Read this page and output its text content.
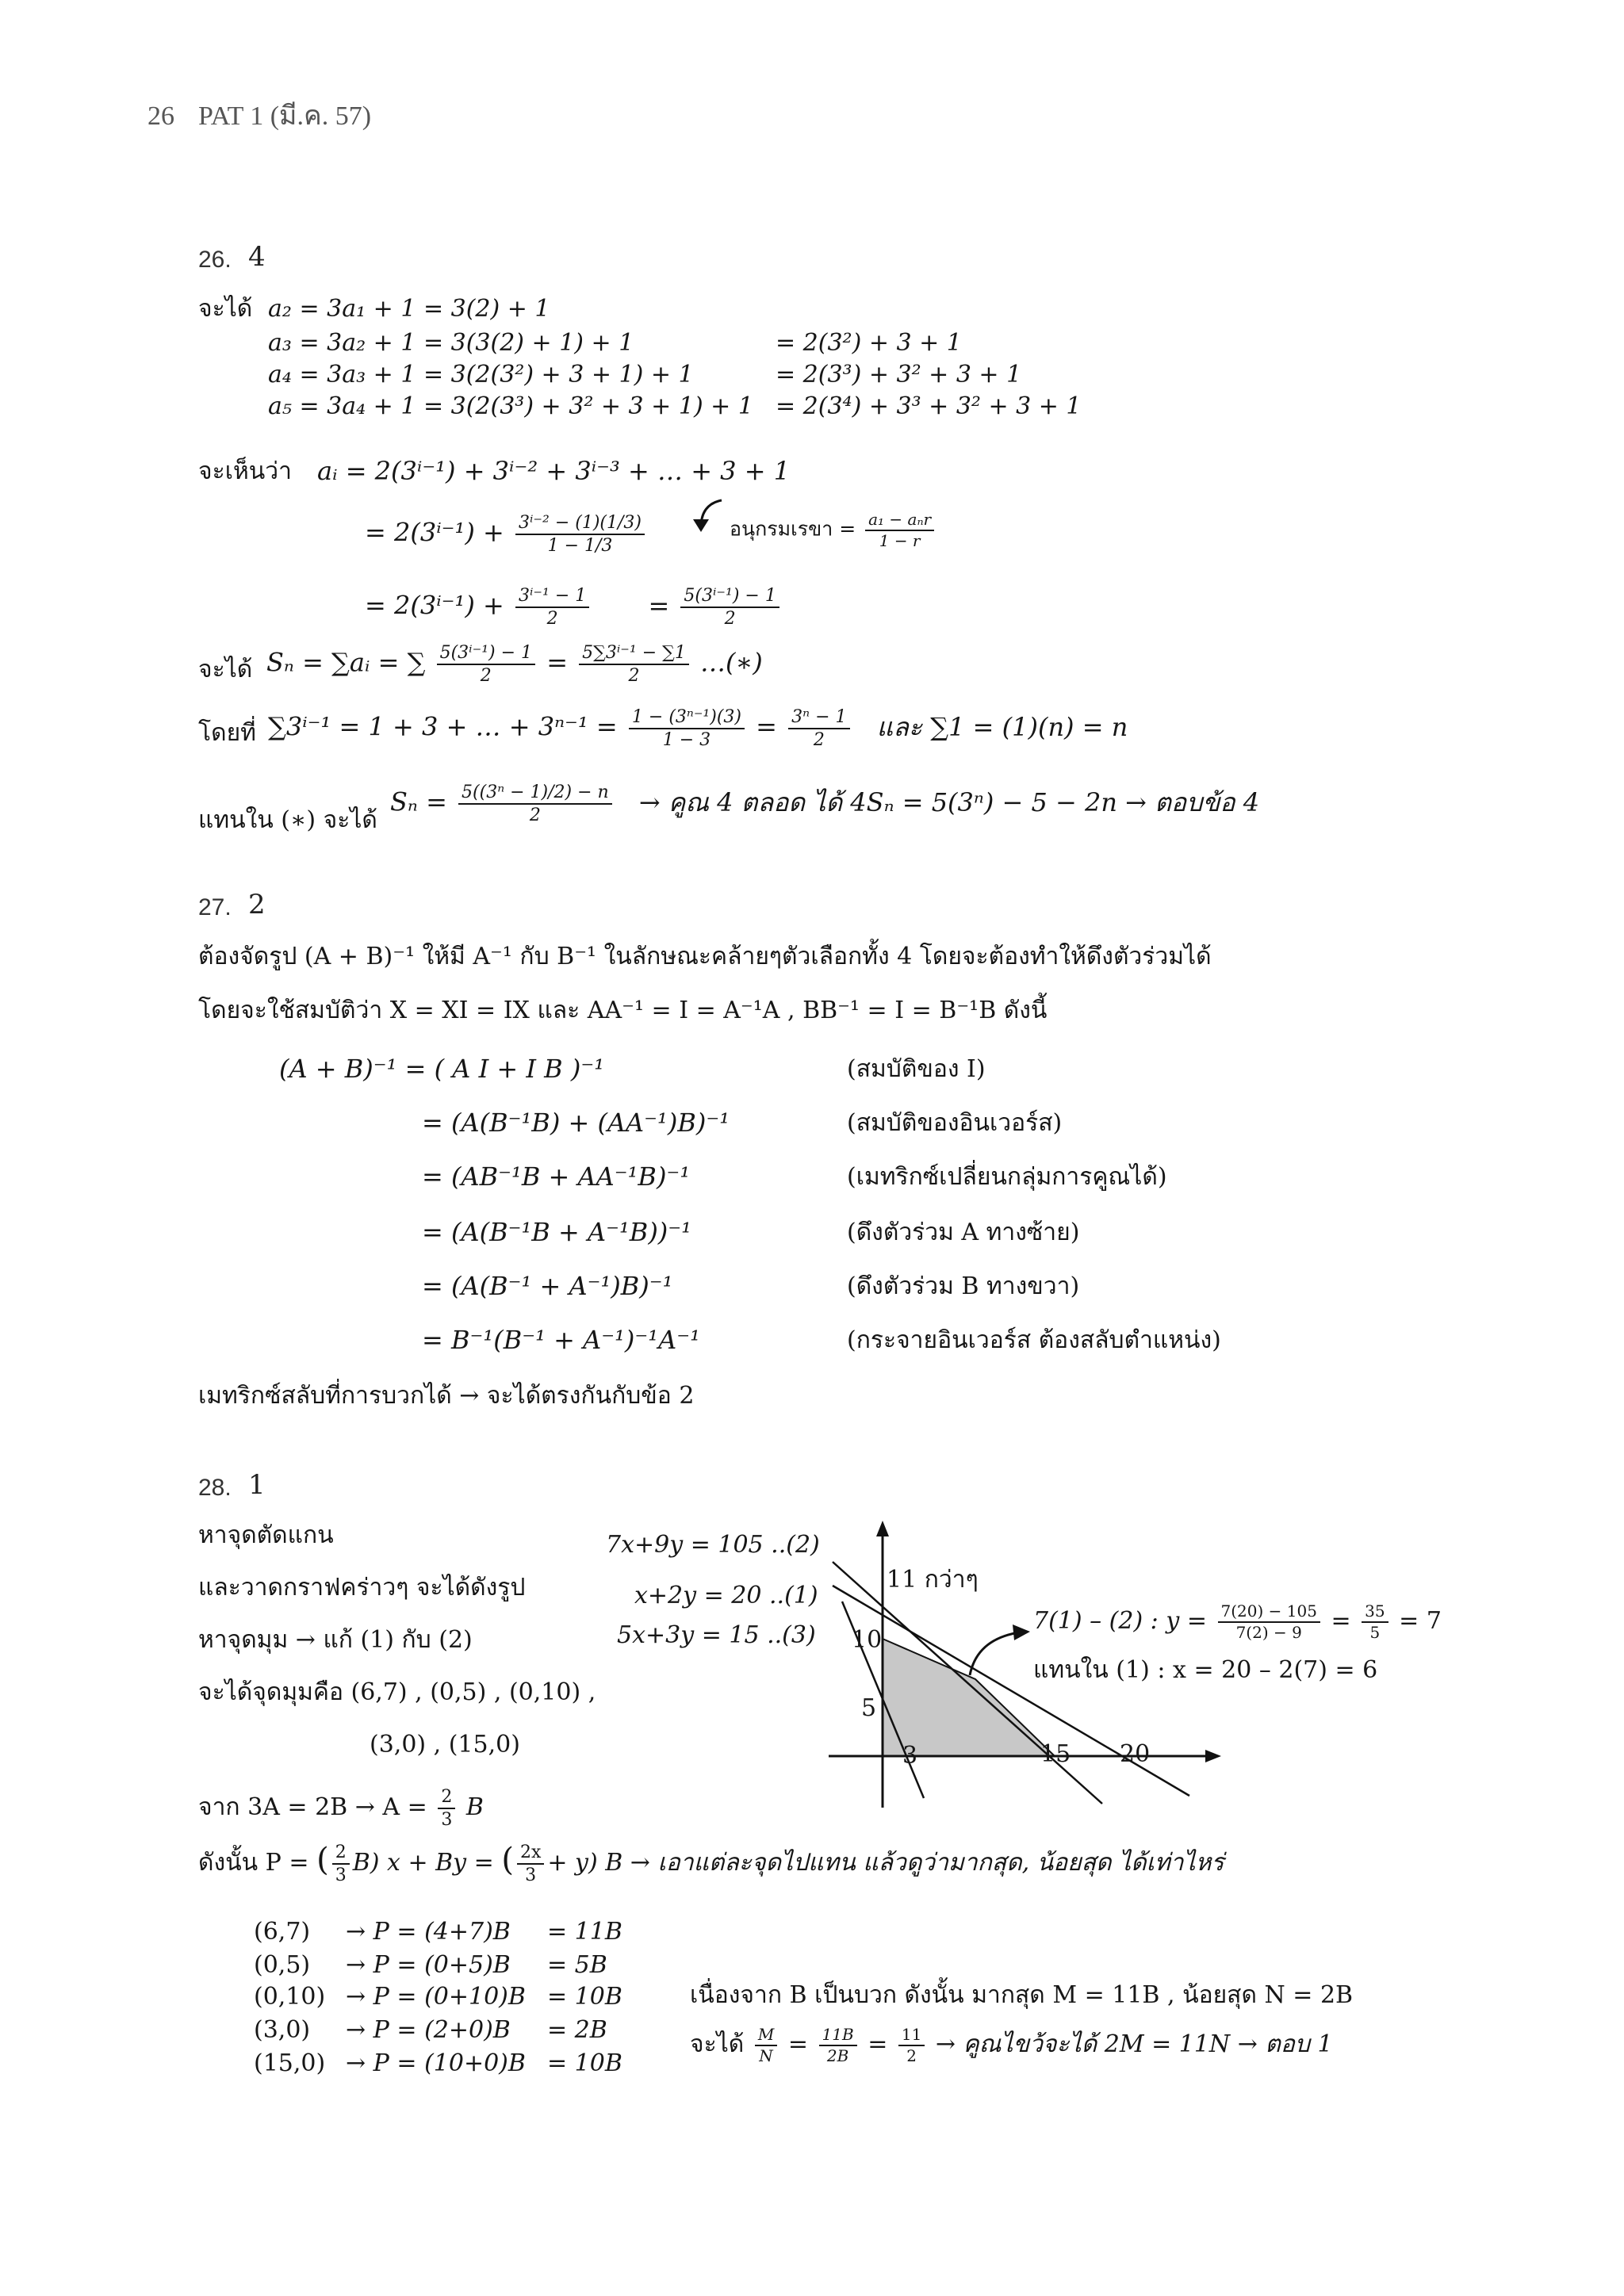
26 PAT 1 (มี.ค. 57)
26. 4
จะได้ a₂ = 3a₁ + 1 = 3(2) + 1
a₃ = 3a₂ + 1 = 3(3(2) + 1) + 1	= 2(3²) + 3 + 1
a₄ = 3a₃ + 1 = 3(2(3²) + 3 + 1) + 1	= 2(3³) + 3² + 3 + 1
a₅ = 3a₄ + 1 = 3(2(3³) + 3² + 3 + 1) + 1 = 2(3⁴) + 3³ + 3² + 3 + 1
จะเห็นว่า aᵢ = 2(3ⁱ⁻¹) + 3ⁱ⁻² + 3ⁱ⁻³ + … + 3 + 1
= $2(3^{i-1}) + \frac{\text{3ⁱ⁻² − (1)(1/3)}}{1 - 1/3}$	อนุกรมเรขา = $\frac{\text{a₁ − aₙr}}{1 - r}$
= $2(3^{i-1}) + \frac{\text{3ⁱ⁻¹ − 1}}{2} = \frac{\text{5(3ⁱ⁻¹) − 1}}{2}$
จะได้ Sₙ = ∑aᵢ = ∑ $\frac{\text{5(3ⁱ⁻¹) − 1}}{2} = \frac{\text{5∑3ⁱ⁻¹ − ∑1}}{2}$ …(∗)
โดยที่ ∑3ⁱ⁻¹ = 1 + 3 + … + $3^{n-1} = \frac{\text{1 − (3ⁿ⁻¹)(3)}}{1 - 3} = \frac{\text{3ⁿ − 1}}{2}$ และ ∑1 = (1)(n) = n
แทนใน (∗) จะได้
$S_n = \frac{\text{5((3ⁿ − 1)/2) − n}}{2}$ → คูณ 4 ตลอด ได้ 4Sₙ = 5(3ⁿ) − 5 − 2n → ตอบข้อ 4
27. 2
ต้องจัดรูป (A + B)⁻¹ ให้มี A⁻¹ กับ B⁻¹ ในลักษณะคล้ายๆตัวเลือกทั้ง 4 โดยจะต้องทำให้ดึงตัวร่วมได้
โดยจะใช้สมบัติว่า X = XI = IX และ AA⁻¹ = I = A⁻¹A , BB⁻¹ = I = B⁻¹B ดังนี้
(A + B)⁻¹ = ( A I + I B )⁻¹	(สมบัติของ I)
= (A(B⁻¹B) + (AA⁻¹)B)⁻¹	(สมบัติของอินเวอร์ส)
= (AB⁻¹B + AA⁻¹B)⁻¹	(เมทริกซ์เปลี่ยนกลุ่มการคูณได้)
= (A(B⁻¹B + A⁻¹B))⁻¹	(ดึงตัวร่วม A ทางซ้าย)
= (A(B⁻¹ + A⁻¹)B)⁻¹	(ดึงตัวร่วม B ทางขวา)
= B⁻¹(B⁻¹ + A⁻¹)⁻¹A⁻¹	(กระจายอินเวอร์ส ต้องสลับตำแหน่ง)
เมทริกซ์สลับที่การบวกได้ → จะได้ตรงกันกับข้อ 2
28. 1
หาจุดตัดแกน
และวาดกราฟคร่าวๆ จะได้ดังรูป
หาจุดมุม → แก้ (1) กับ (2)
จะได้จุดมุมคือ (6,7) , (0,5) , (0,10) ,
(3,0) , (15,0)
7x+9y = 105 ..(2)
x+2y = 20 ..(1)
5x+3y = 15 ..(3)
11 กว่าๆ
10
5
3	15 20
7(1) – (2) : $y = \frac{7(20) - 105}{7(2) - 9} = \frac{35}{5} = 7$
แทนใน (1) : x = 20 – 2(7) = 6
จาก $3A = 2B \to A = \frac{2}{3}$ B
ดังนั้น P = ( $\frac{2}{3} B$) x + By = ( $\frac{2x}{3} + y$) B → เอาแต่ละจุดไปแทน แล้วดูว่ามากสุด, น้อยสุด ได้เท่าไหร่
(6,7) → P = (4+7)B = 11B
(0,5) → P = (0+5)B = 5B
(0,10) → P = (0+10)B = 10B
(3,0) → P = (2+0)B = 2B
(15,0) → P = (10+0)B = 10B
เนื่องจาก B เป็นบวก ดังนั้น มากสุด M = 11B , น้อยสุด N = 2B
จะได้ $\frac{M}{N} = \frac{11B}{2B} = \frac{11}{2}$ → คูณไขว้จะได้ 2M = 11N → ตอบ 1
